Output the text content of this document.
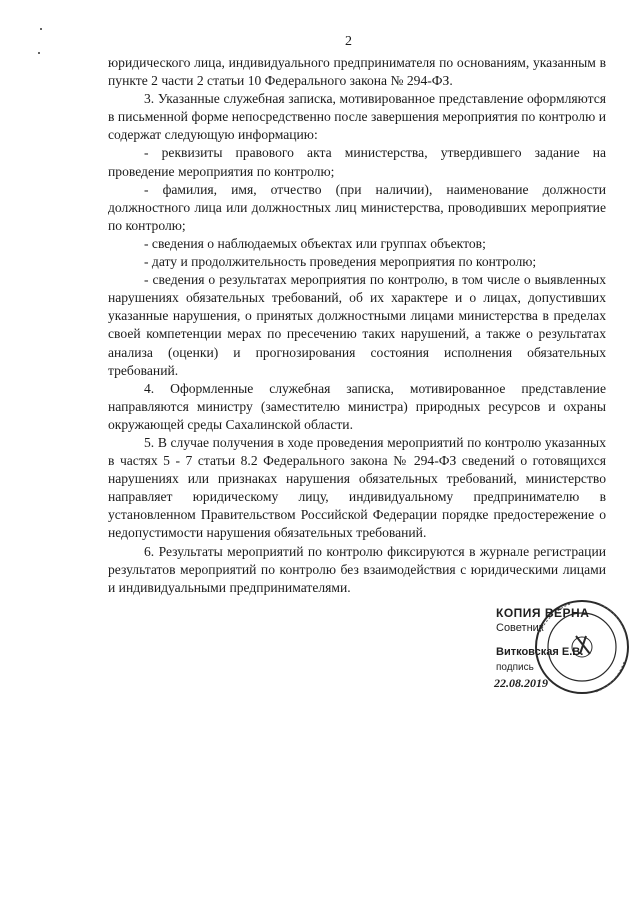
2

юридического лица, индивидуального предпринимателя по основаниям, указанным в пункте 2 части 2 статьи 10 Федерального закона № 294-ФЗ.

3. Указанные служебная записка, мотивированное представление оформляются в письменной форме непосредственно после завершения мероприятия по контролю и содержат следующую информацию:

- реквизиты правового акта министерства, утвердившего задание на проведение мероприятия по контролю;

- фамилия, имя, отчество (при наличии), наименование должности должностного лица или должностных лиц министерства, проводивших мероприятие по контролю;

- сведения о наблюдаемых объектах или группах объектов;

- дату и продолжительность проведения мероприятия по контролю;

- сведения о результатах мероприятия по контролю, в том числе о выявленных нарушениях обязательных требований, об их характере и о лицах, допустивших указанные нарушения, о принятых должностными лицами министерства в пределах своей компетенции мерах по пресечению таких нарушений, а также о результатах анализа (оценки) и прогнозирования состояния исполнения обязательных требований.

4. Оформленные служебная записка, мотивированное представление направляются министру (заместителю министра) природных ресурсов и охраны окружающей среды Сахалинской области.

5. В случае получения в ходе проведения мероприятий по контролю указанных в частях 5 - 7 статьи 8.2 Федерального закона № 294-ФЗ сведений о готовящихся нарушениях или признаках нарушения обязательных требований, министерство направляет юридическому лицу, индивидуальному предпринимателю в установленном Правительством Российской Федерации порядке предостережение о недопустимости нарушения обязательных требований.

6. Результаты мероприятий по контролю фиксируются в журнале регистрации результатов мероприятий по контролю без взаимодействия с юридическими лицами и индивидуальными предпринимателями.

КОПИЯ ВЕРНА
Советник
Витковская Е.В.
подпись
22.08.2019
